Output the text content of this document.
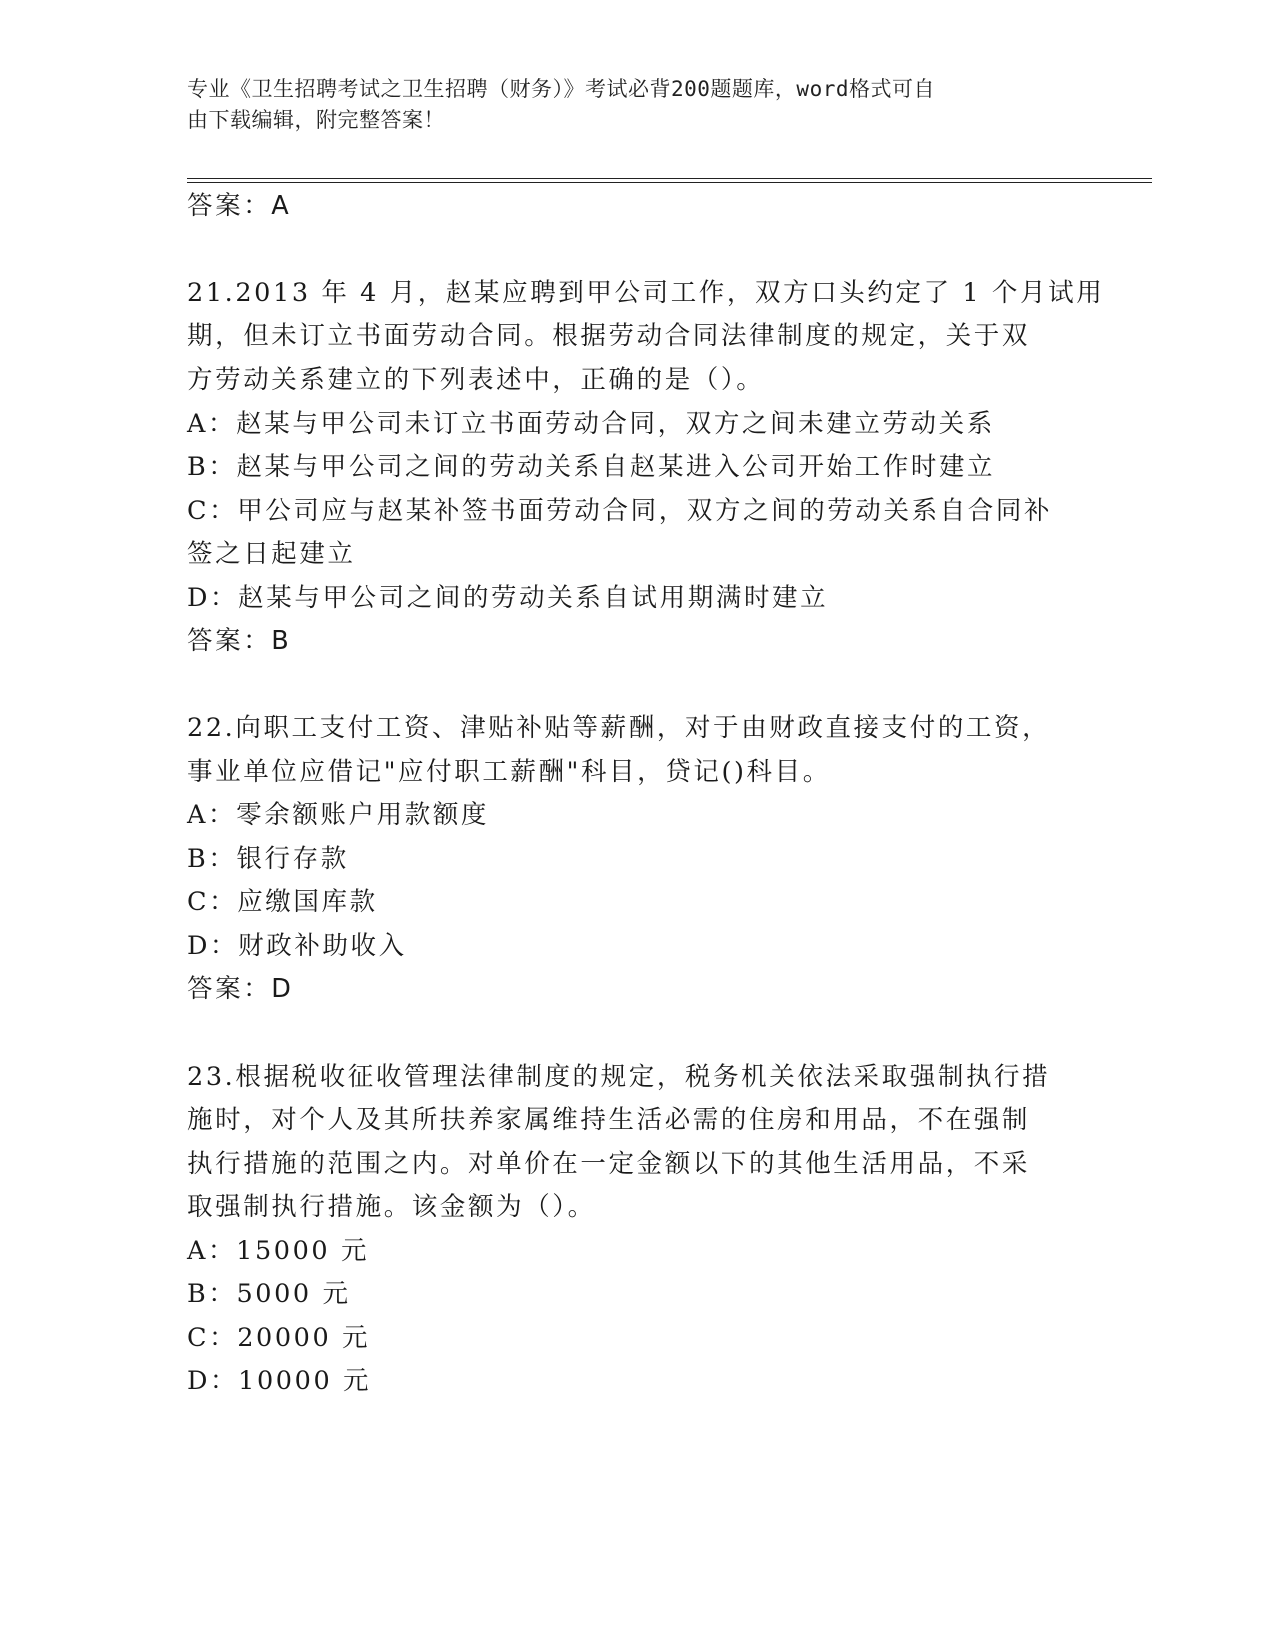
专业《卫生招聘考试之卫生招聘（财务）》考试必背200题题库，word格式可自
由下载编辑，附完整答案！
答案：A
21.2013 年 4 月，赵某应聘到甲公司工作，双方口头约定了 1 个月试用
期，但未订立书面劳动合同。根据劳动合同法律制度的规定，关于双
方劳动关系建立的下列表述中，正确的是（）。
A：赵某与甲公司未订立书面劳动合同，双方之间未建立劳动关系
B：赵某与甲公司之间的劳动关系自赵某进入公司开始工作时建立
C：甲公司应与赵某补签书面劳动合同，双方之间的劳动关系自合同补
签之日起建立
D：赵某与甲公司之间的劳动关系自试用期满时建立
答案：B
22.向职工支付工资、津贴补贴等薪酬，对于由财政直接支付的工资，
事业单位应借记"应付职工薪酬"科目，贷记()科目。
A：零余额账户用款额度
B：银行存款
C：应缴国库款
D：财政补助收入
答案：D
23.根据税收征收管理法律制度的规定，税务机关依法采取强制执行措
施时，对个人及其所扶养家属维持生活必需的住房和用品，不在强制
执行措施的范围之内。对单价在一定金额以下的其他生活用品，不采
取强制执行措施。该金额为（）。
A：15000 元
B：5000 元
C：20000 元
D：10000 元
